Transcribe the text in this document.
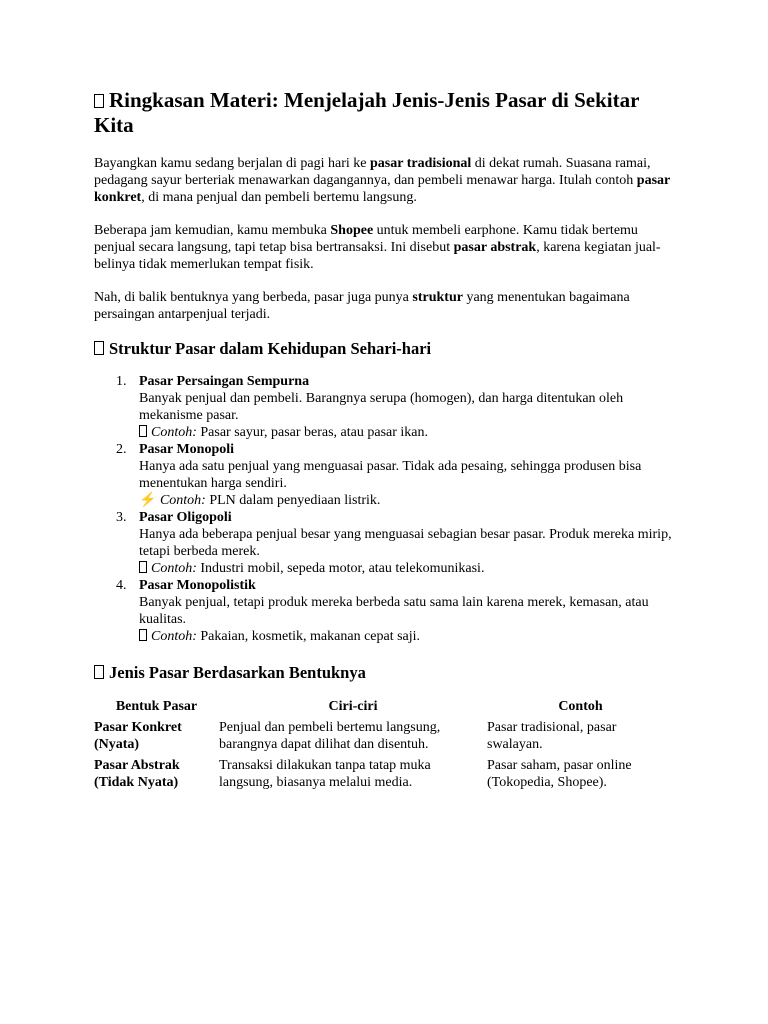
Ringkasan Materi: Menjelajah Jenis-Jenis Pasar di Sekitar Kita

Bayangkan kamu sedang berjalan di pagi hari ke pasar tradisional di dekat rumah. Suasana ramai, pedagang sayur berteriak menawarkan dagangannya, dan pembeli menawar harga. Itulah contoh pasar konkret, di mana penjual dan pembeli bertemu langsung.

Beberapa jam kemudian, kamu membuka Shopee untuk membeli earphone. Kamu tidak bertemu penjual secara langsung, tapi tetap bisa bertransaksi. Ini disebut pasar abstrak, karena kegiatan jual-belinya tidak memerlukan tempat fisik.

Nah, di balik bentuknya yang berbeda, pasar juga punya struktur yang menentukan bagaimana persaingan antarpenjual terjadi.

Struktur Pasar dalam Kehidupan Sehari-hari
1. Pasar Persaingan Sempurna
Banyak penjual dan pembeli. Barangnya serupa (homogen), dan harga ditentukan oleh mekanisme pasar.
Contoh: Pasar sayur, pasar beras, atau pasar ikan.
2. Pasar Monopoli
Hanya ada satu penjual yang menguasai pasar. Tidak ada pesaing, sehingga produsen bisa menentukan harga sendiri.
⚡ Contoh: PLN dalam penyediaan listrik.
3. Pasar Oligopoli
Hanya ada beberapa penjual besar yang menguasai sebagian besar pasar. Produk mereka mirip, tetapi berbeda merek.
Contoh: Industri mobil, sepeda motor, atau telekomunikasi.
4. Pasar Monopolistik
Banyak penjual, tetapi produk mereka berbeda satu sama lain karena merek, kemasan, atau kualitas.
Contoh: Pakaian, kosmetik, makanan cepat saji.
Jenis Pasar Berdasarkan Bentuknya
Bentuk Pasar	Ciri-ciri	Contoh
Pasar Konkret (Nyata)	Penjual dan pembeli bertemu langsung, barangnya dapat dilihat dan disentuh.	Pasar tradisional, pasar swalayan.
Pasar Abstrak (Tidak Nyata)	Transaksi dilakukan tanpa tatap muka langsung, biasanya melalui media.	Pasar saham, pasar online (Tokopedia, Shopee).
